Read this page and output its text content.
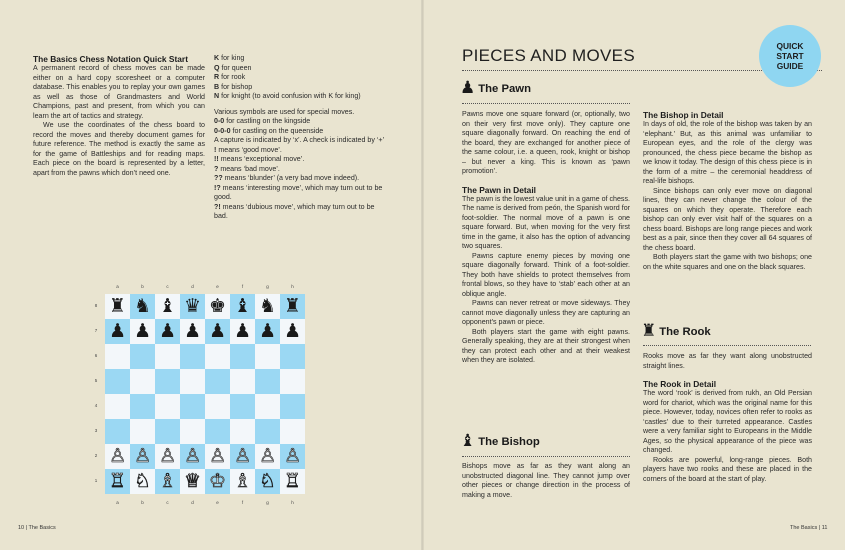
The Basics Chess Notation Quick Start

A permanent record of chess moves can be made either on a hard copy scoresheet or a computer database. This enables you to replay your own games as well as those of Grandmasters and World Champions, past and present, from which you can learn the art of tactics and strategy.

We use the coordinates of the chess board to record the moves and thereby document games for future reference. The method is exactly the same as for the game of Battleships and for reading maps. Each piece on the board is represented by a letter, apart from the pawns which don’t need one.

K for king
Q for queen
R for rook
B for bishop
N for knight (to avoid confusion with K for king)
Various symbols are used for special moves.
0-0 for castling on the kingside
0-0-0 for castling on the queenside
A capture is indicated by ‘x’. A check is indicated by ‘+’
! means ‘good move’.
!! means ‘exceptional move’.
? means ‘bad move’.
?? means ‘blunder’ (a very bad move indeed).
!? means ‘interesting move’, which may turn out to be good.
?! means ‘dubious move’, which may turn out to be bad.
♜ ♞ ♝ ♛ ♚ ♝ ♞ ♜
♟ ♟ ♟ ♟ ♟ ♟ ♟ ♟
♙ ♙ ♙ ♙ ♙ ♙ ♙ ♙
♖ ♘ ♗ ♕ ♔ ♗ ♘ ♖
a
a
b
b
c
c
d
d
e
e
f
f
g
g
h
h
8
7
6
5
4
3
2
1
10 | The Basics
PIECES AND MOVES	QUICK
START
GUIDE
♟ The Pawn

Pawns move one square forward (or, optionally, two on their very first move only). They capture one square diagonally forward. On reaching the end of the board, they are exchanged for another piece of the same colour, i.e. a queen, rook, knight or bishop – but never a king. This is known as ‘pawn promotion’.

The Pawn in Detail

The pawn is the lowest value unit in a game of chess. The name is derived from peón, the Spanish word for foot-soldier. The normal move of a pawn is one square forward. But, when moving for the very first time in the game, it also has the option of advancing two squares.

Pawns capture enemy pieces by moving one square diagonally forward. Think of a foot-soldier. They both have shields to protect themselves from frontal blows, so they have to ‘stab’ each other at an oblique angle.

Pawns can never retreat or move sideways. They cannot move diagonally unless they are capturing an opponent’s pawn or piece.

Both players start the game with eight pawns. Generally speaking, they are at their strongest when they can protect each other and at their weakest when they are isolated.

♝ The Bishop

Bishops move as far as they want along an unobstructed diagonal line. They cannot jump over other pieces or change direction in the process of making a move.

The Bishop in Detail

In days of old, the role of the bishop was taken by an ‘elephant.’ But, as this animal was unfamiliar to European eyes, and the role of the clergy was pronounced, the chess piece became the bishop as we know it today. The design of this chess piece is in the form of a mitre – the ceremonial headdress of real-life bishops.

Since bishops can only ever move on diagonal lines, they can never change the colour of the squares on which they operate. Therefore each bishop can only ever visit half of the squares on a chess board. Bishops are long range pieces and work best as a pair, since then they cover all 64 squares of the chess board.

Both players start the game with two bishops; one on the white squares and one on the black squares.

♜ The Rook

Rooks move as far they want along unobstructed straight lines.

The Rook in Detail

The word ‘rook’ is derived from rukh, an Old Persian word for chariot, which was the original name for this piece. However, today, novices often refer to rooks as ‘castles’ due to their turreted appearance. Castles were a very familiar sight to Europeans in the Middle Ages, so the physical appearance of the piece was changed.

Rooks are powerful, long-range pieces. Both players have two rooks and these are placed in the corners of the board at the start of play.

The Basics | 11
